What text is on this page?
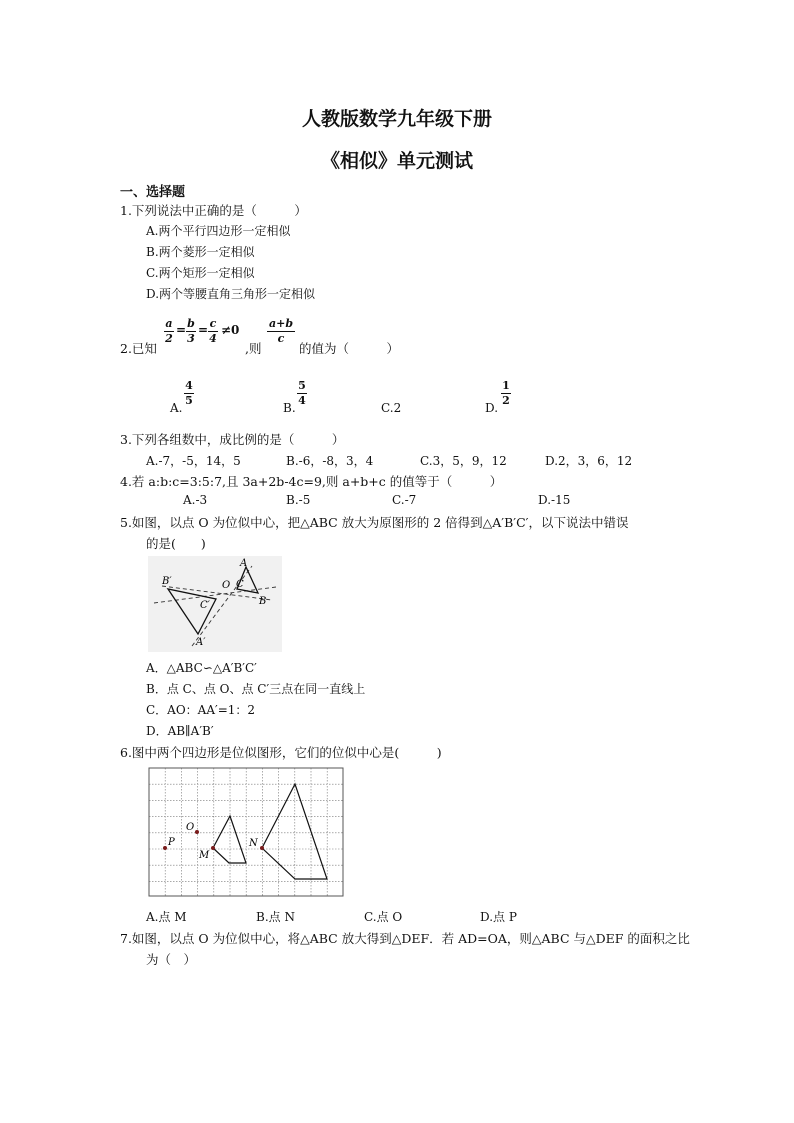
人教版数学九年级下册
《相似》单元测试
一、选择题
1.下列说法中正确的是（　　　）
A.两个平行四边形一定相似
B.两个菱形一定相似
C.两个矩形一定相似
D.两个等腰直角三角形一定相似
2.已知
a
2
= b
3
= c
4
≠0
,则
a+b
c
的值为（　　　）
A.
4
5
B.
5
4
C.2	D.
1
2
3.下列各组数中，成比例的是（　　　）
A.-7，-5，14，5	B.-6，-8，3，4	C.3，5，9，12	D.2，3，6，12
4.若 a:b:c=3:5:7,且 3a+2b-4c=9,则 a+b+c 的值等于（　　　）
A.-3	B.-5	C.-7	D.-15
5.如图，以点 O 为位似中心，把△ABC 放大为原图形的 2 倍得到△A′B′C′，以下说法中错误
的是(　　)
B′
C′
A′
O
A
C
B
A．△ABC∽△A′B′C′
B．点 C、点 O、点 C′三点在同一直线上
C．AO：AA′=1：2
D．AB∥A′B′
6.图中两个四边形是位似图形，它们的位似中心是(　　　)
P
O
M
N
A.点 M	B.点 N	C.点 O	D.点 P
7.如图，以点 O 为位似中心，将△ABC 放大得到△DEF．若 AD=OA，则△ABC 与△DEF 的面积之比
为（　）
